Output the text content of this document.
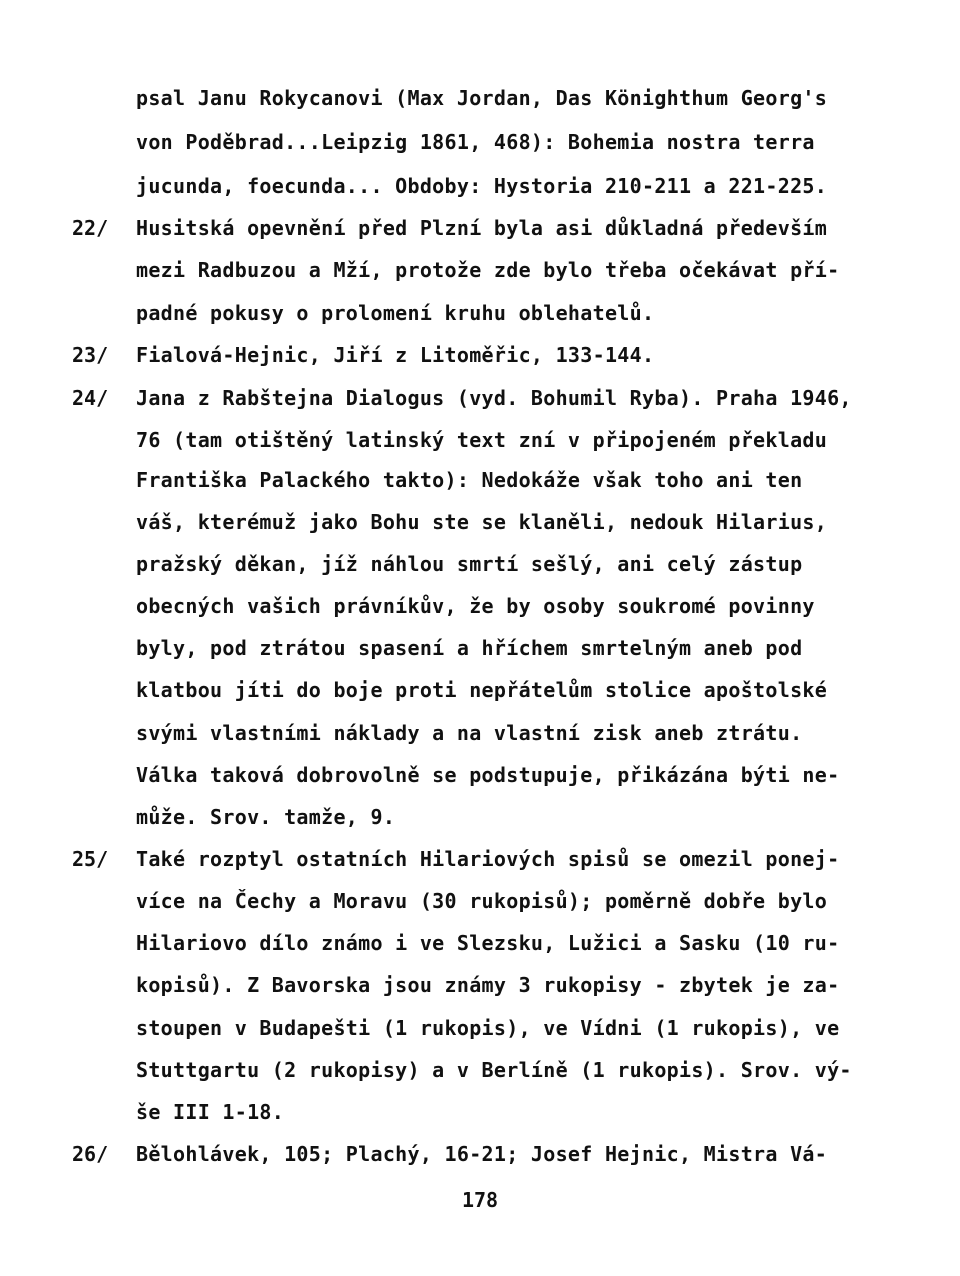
psal Janu Rokycanovi (Max Jordan, Das Könighthum Georg's
von Poděbrad...Leipzig 1861, 468): Bohemia nostra terra
jucunda, foecunda... Obdoby: Hystoria 210-211 a 221-225.
22/	Husitská opevnění před Plzní byla asi důkladná především
mezi Radbuzou a Mží, protože zde bylo třeba očekávat pří-
padné pokusy o prolomení kruhu oblehatelů.
23/	Fialová-Hejnic, Jiří z Litoměřic, 133-144.
24/	Jana z Rabštejna Dialogus (vyd. Bohumil Ryba). Praha 1946,
76 (tam otištěný latinský text zní v připojeném překladu
Františka Palackého takto): Nedokáže však toho ani ten
váš, kterémuž jako Bohu ste se klaněli, nedouk Hilarius,
pražský děkan, jíž náhlou smrtí sešlý, ani celý zástup
obecných vašich právníkův, že by osoby soukromé povinny
byly, pod ztrátou spasení a hříchem smrtelným aneb pod
klatbou jíti do boje proti nepřátelům stolice apoštolské
svými vlastními náklady a na vlastní zisk aneb ztrátu.
Válka taková dobrovolně se podstupuje, přikázána býti ne-
může. Srov. tamže, 9.
25/	Také rozptyl ostatních Hilariových spisů se omezil ponej-
více na Čechy a Moravu (30 rukopisů); poměrně dobře bylo
Hilariovo dílo známo i ve Slezsku, Lužici a Sasku (10 ru-
kopisů). Z Bavorska jsou známy 3 rukopisy - zbytek je za-
stoupen v Budapešti (1 rukopis), ve Vídni (1 rukopis), ve
Stuttgartu (2 rukopisy) a v Berlíně (1 rukopis). Srov. vý-
še III 1-18.
26/	Bělohlávek, 105; Plachý, 16-21; Josef Hejnic, Mistra Vá-
178
